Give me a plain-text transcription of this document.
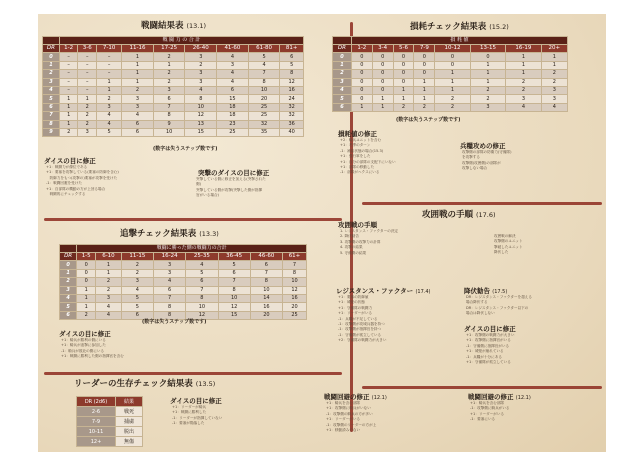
戦闘結果表 (13.1)
	戦 闘 力 の 合 計								
DR	1-2	3-6	7-10	11-16	17-25	26-40	41-60	61-80	81+
0	–	–	–	1	2	3	4	5	6
1	–	–	–	1	1	2	3	4	5
2	–	–	–	1	2	3	4	7	8
3	–	–	1	1	2	3	4	8	12
4	–	–	1	2	3	4	6	10	16
5	1	1	2	3	6	8	15	20	24
6	1	2	3	3	7	10	18	25	32
7	1	2	4	4	8	12	18	25	32
8	1	2	4	6	9	13	23	32	36
9	2	3	5	6	10	15	25	35	40
(数字は失うステップ数です)
ダイスの目に修正
+1：戦闘力が優位である
+1：要塞を攻撃している(要塞の防御を含む)
　防御力をもつ(攻撃の)要塞が攻撃を受けた
-1：戦闘回避を受けた
+1：自部隊の機動の方が上回る場合
　戦闘的にチェックする
突撃のダイスの目に修正
突撃している側に修正を加える(突撃された
側)
突撃している側が攻撃(突撃した側が指揮
官がいる場合)
追撃チェック結果表 (13.3)
	戦闘に勝った側の戦闘力の合計							
DR	1-5	6-10	11-15	16-24	25-35	36-45	46-60	61+
0	0	1	2	3	4	5	6	7
1	0	1	2	3	5	6	7	8
2	0	2	3	4	6	7	8	10
3	1	2	4	6	7	8	10	12
4	1	3	5	7	8	10	14	16
5	1	4	5	8	10	12	16	20
6	2	4	6	8	12	15	20	25
(数字は失うステップ数です)
ダイスの目に修正
+1：騎兵が勝利の側にいる
+1：騎兵が追撃に参加した
-1：騎兵が敗北の側にいる
+1：戦闘に勝利した側の指揮官を含む
リーダーの生存チェック結果表 (13.5)
DR (2d6)	結果
2-6	戦死
7-9	捕虜
10-11	脱出
12+	無傷
ダイスの目に修正
+1：リーダーが騎兵
+1：戦闘に勝利した
-1：リーダーが指揮していない
-1：要塞が陥落した
損耗チェック結果表 (15.2)
	損 耗 値							
DR	1-2	3-4	5-6	7-9	10-12	13-15	16-19	20+
0	0	0	0	0	0	0	1	1
1	0	0	0	0	0	1	1	1
2	0	0	0	0	1	1	1	2
3	0	0	0	1	1	1	2	2
4	0	0	1	1	1	2	2	3
5	0	1	1	1	2	2	3	3
6	1	1	2	2	2	3	4	4
(数字は失うステップ数です)
損耗値の修正
+2：騎兵ユニットを含む
+1：冬季のターン
-1：補給状態の場合(15.3)
+1：強行軍をした
+1：自分の部隊の支配下にいない
+1：部隊の移動した
-1：部隊がヘクスにいる
兵糧攻めの修正
攻撃側の部隊の防衛力(守備隊)
を攻撃する
攻撃側(攻囲側)の部隊が
攻撃しない場合
攻囲戦の手順 (17.6)
攻囲戦の手順
1. レジスタンス・ファクターの決定
2. 降伏勧告
3. 攻撃側の攻撃力の計算
4. 攻撃の結果
5. 守備側の結果
攻囲戦の解決
攻撃側のユニット
撃破したユニット
降伏した
レジスタンス・ファクター (17.4)
+1：要塞の防御値
+1：城壁の状態
+1：守備隊の戦闘力
+1：リーダーがいる
-1：兵糧が不足している
-1：攻撃側が攻城兵器を持つ
-1：攻撃側が指揮官を持つ
-1：守備側が孤立している
+2：守備隊の戦闘力が大きい
降伏勧告 (17.5)
DR：レジスタンス・ファクターを超える
場合降伏する
DR：レジスタンス・ファクター以下の
場合は降伏しない
ダイスの目に修正
+1：攻撃側の戦闘力が大きい
+1：攻撃側に指揮官がいる
-1：守備側に指揮官がいる
+1：城壁が崩れている
-1：兵糧が十分にある
+1：守備隊が孤立している
戦闘回避の修正 (12.1)
+1：騎兵を含む部隊
+1：攻撃側に騎兵がいない
-1：攻撃側の騎兵の方が多い
+1：リーダーがいる
-1：攻撃側のリーダーの方が上
+1：移動済みでない
戦闘回避の修正 (12.1)
+1：騎兵を含む部隊
-1：攻撃側に騎兵がいる
+1：リーダーがいる
-1：要塞にいる
